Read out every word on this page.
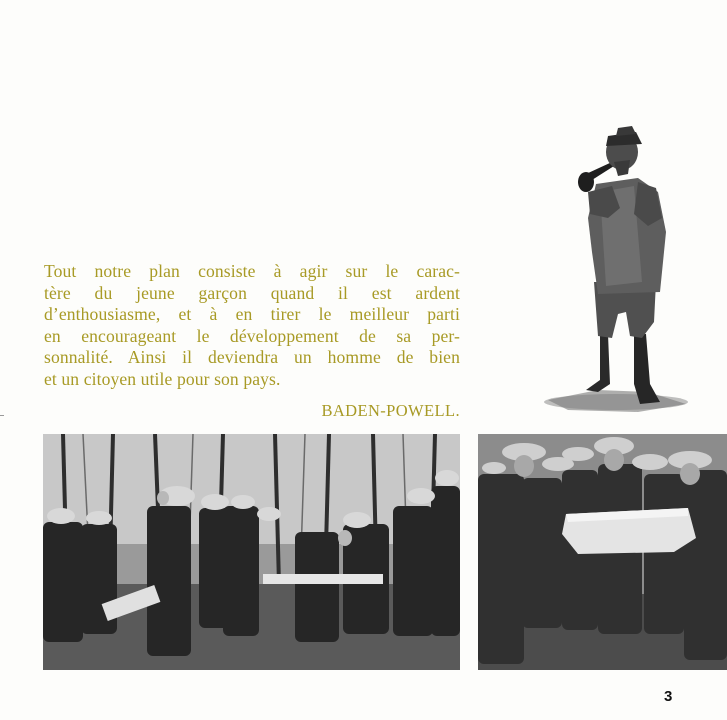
Tout notre plan consiste à agir sur le carac-
tère du jeune garçon quand il est ardent
d’enthousiasme, et à en tirer le meilleur parti
en encourageant le développement de sa per-
sonnalité. Ainsi il deviendra un homme de bien
et un citoyen utile pour son pays.
BADEN-POWELL.
3
